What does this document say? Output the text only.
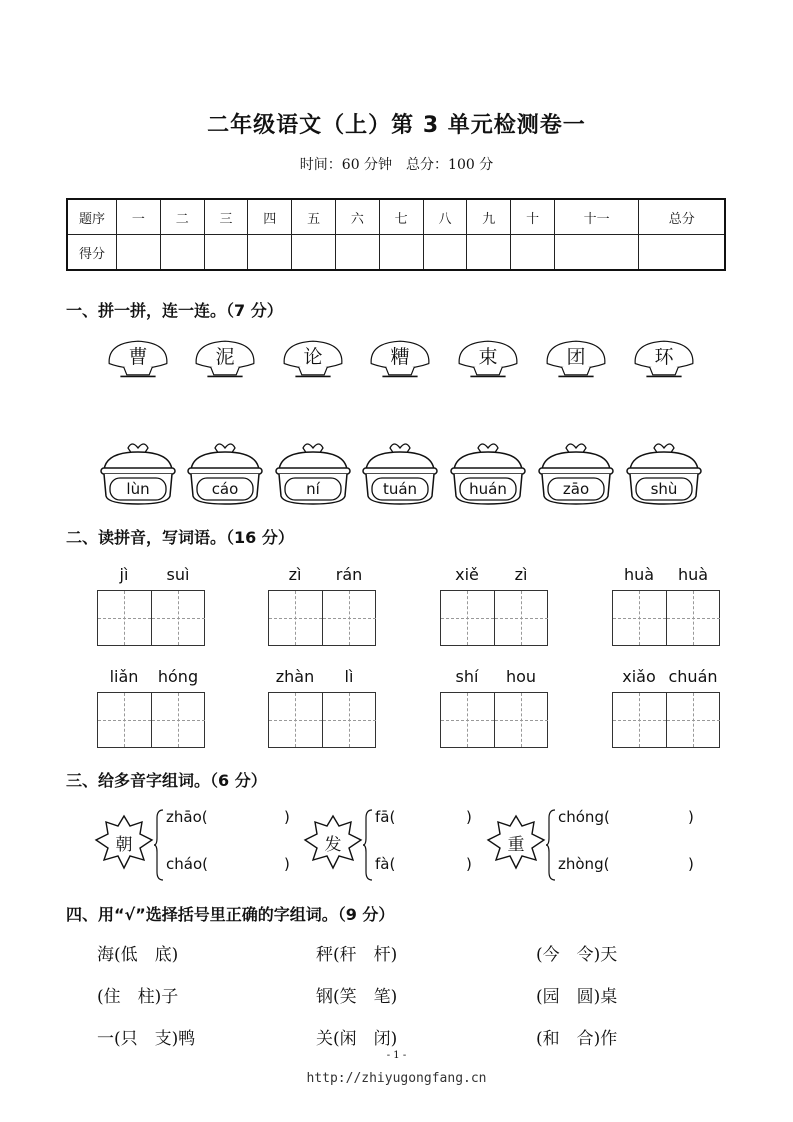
二年级语文（上）第 3 单元检测卷一
时间：60 分钟　总分：100 分
题序	一	二	三	四	五	六	七	八	九	十	十一	总分
得分												
一、拼一拼，连一连。（7 分）
曹	泥	论	糟	束	团	环
lùn	cáo	ní	tuán	huán	zāo	shù
二、读拼音，写词语。（16 分）
jì suì	zì rán	xiě zì	huà huà
liǎn hóng	zhàn lì	shí hou	xiǎo chuán
三、给多音字组词。（6 分）
朝
zhāo(	)
cháo(	)
发
fā(	)
fà(	)
重
chóng(	)
zhòng(	)
四、用“√”选择括号里正确的字组词。（9 分）
海(低　底)	秤(秆　杆)	(今　令)天
(住　柱)子	钢(笑　笔)	(园　圆)桌
一(只　支)鸭	关(闲　闭)	(和　合)作
- 1 -
http://zhiyugongfang.cn
